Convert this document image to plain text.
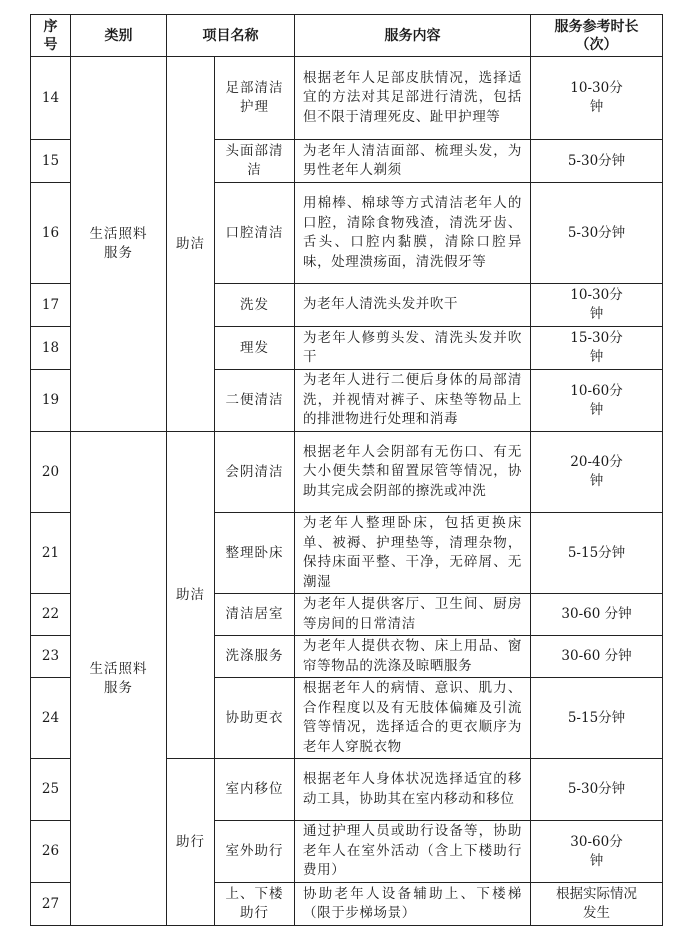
序号	类别	项目名称		服务内容	服务参考时长（次）
14	生活照料服务	助洁	足部清洁护理	根据老年人足部皮肤情况，选择适宜的方法对其足部进行清洗，包括但不限于清理死皮、趾甲护理等	10-30分钟
15			头面部清洁	为老年人清洁面部、梳理头发，为男性老年人剃须	5-30分钟
16			口腔清洁	用棉棒、棉球等方式清洁老年人的口腔，清除食物残渣，清洗牙齿、舌头、口腔内黏膜，清除口腔异味，处理溃疡面，清洗假牙等	5-30分钟
17			洗发	为老年人清洗头发并吹干	10-30分钟
18			理发	为老年人修剪头发、清洗头发并吹干	15-30分钟
19			二便清洁	为老年人进行二便后身体的局部清洗，并视情对裤子、床垫等物品上的排泄物进行处理和消毒	10-60分钟
20	生活照料服务	助洁	会阴清洁	根据老年人会阴部有无伤口、有无大小便失禁和留置尿管等情况，协助其完成会阴部的擦洗或冲洗	20-40分钟
21			整理卧床	为老年人整理卧床，包括更换床单、被褥、护理垫等，清理杂物，保持床面平整、干净，无碎屑、无潮湿	5-15分钟
22			清洁居室	为老年人提供客厅、卫生间、厨房等房间的日常清洁	30-60 分钟
23			洗涤服务	为老年人提供衣物、床上用品、窗帘等物品的洗涤及晾晒服务	30-60 分钟
24			协助更衣	根据老年人的病情、意识、肌力、合作程度以及有无肢体偏瘫及引流管等情况，选择适合的更衣顺序为老年人穿脱衣物	5-15分钟
25		助行	室内移位	根据老年人身体状况选择适宜的移动工具，协助其在室内移动和移位	5-30分钟
26			室外助行	通过护理人员或助行设备等，协助老年人在室外活动（含上下楼助行费用）	30-60分钟
27			上、下楼助行	协助老年人设备辅助上、下楼梯（限于步梯场景）	根据实际情况发生
